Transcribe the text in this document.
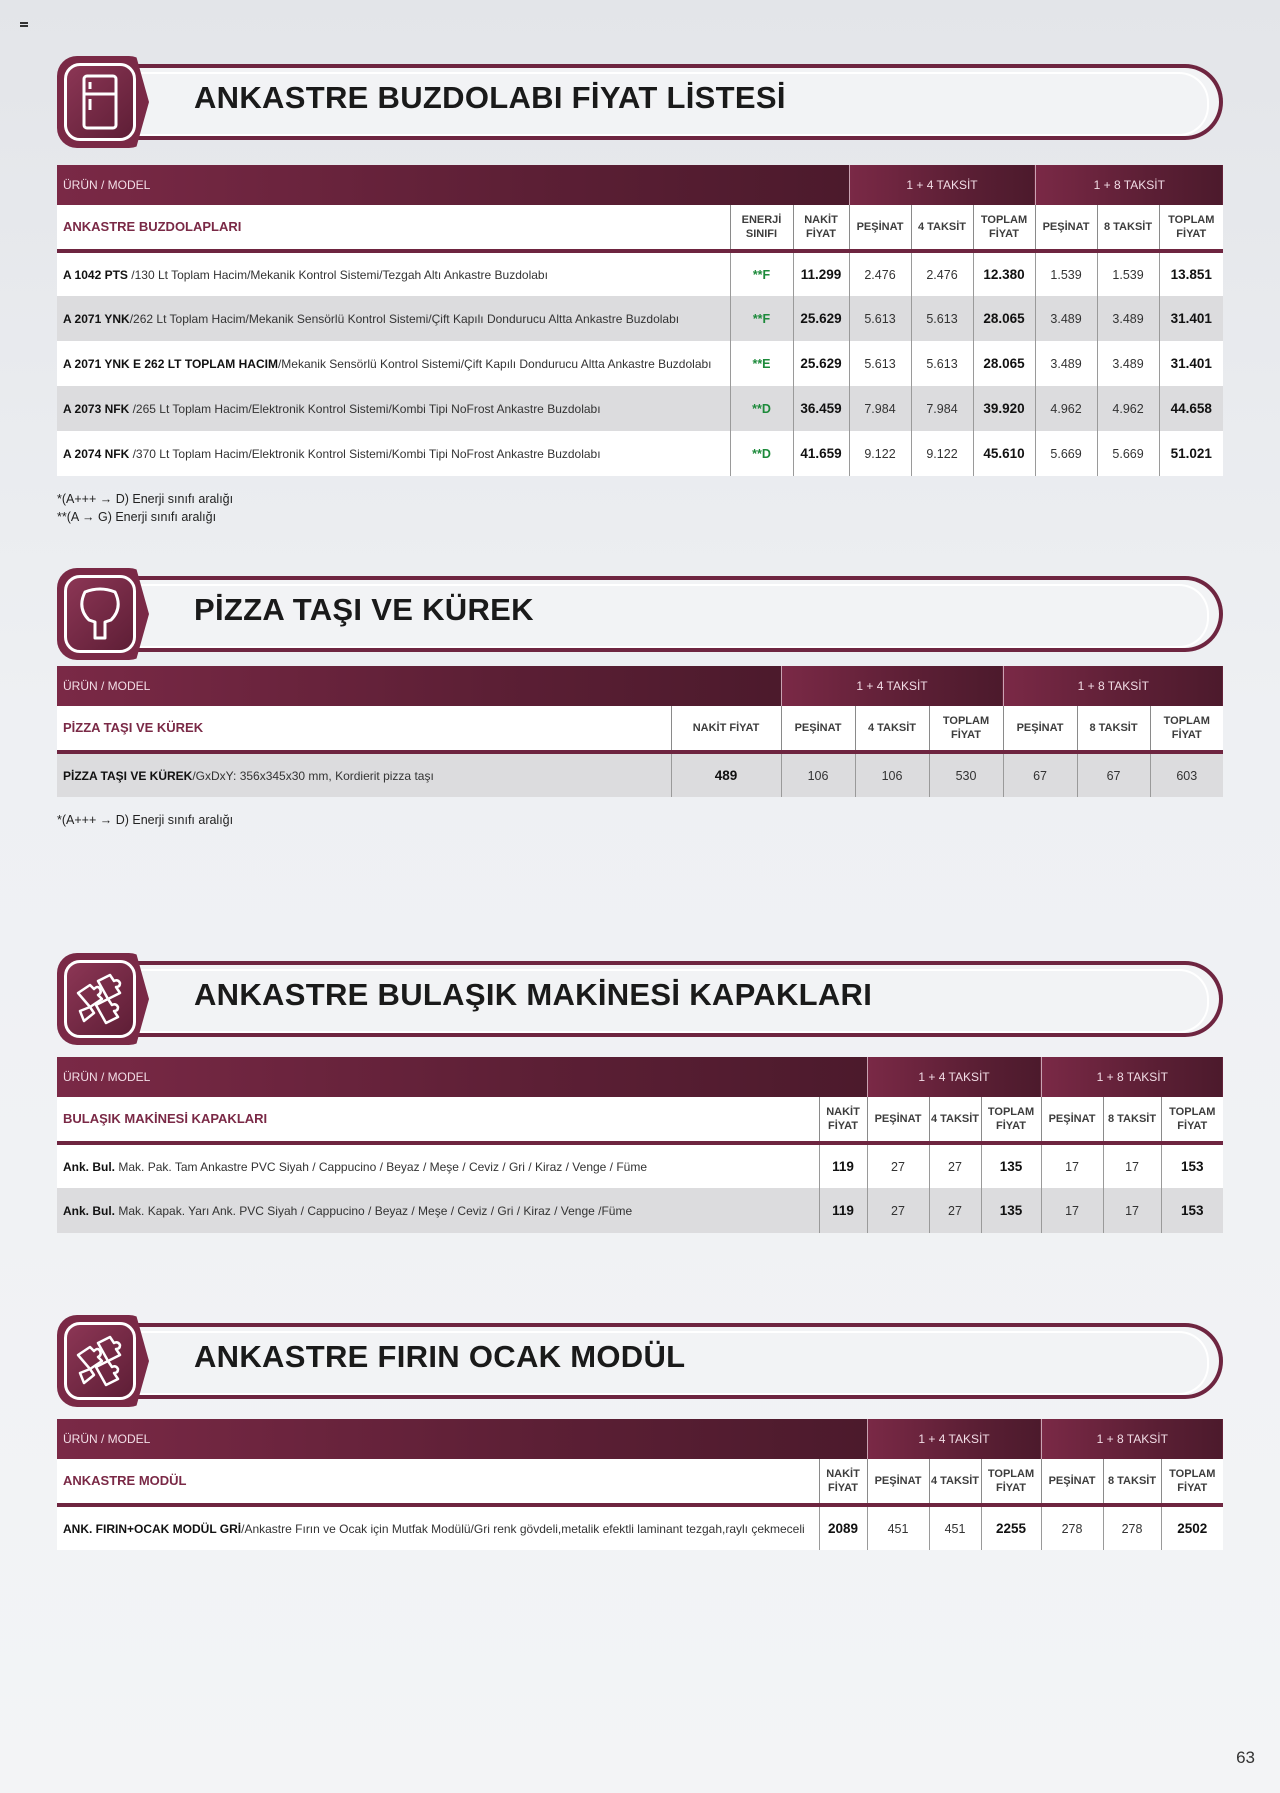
ANKASTRE BUZDOLABI FİYAT LİSTESİ
ÜRÜN / MODEL			1 + 4 TAKSİT			1 + 8 TAKSİT		
ANKASTRE BUZDOLAPLARI	ENERJİ SINIFI	NAKİT FİYAT	PEŞİNAT	4 TAKSİT	TOPLAM FİYAT	PEŞİNAT	8 TAKSİT	TOPLAM FİYAT
A 1042 PTS /130 Lt Toplam Hacim/Mekanik Kontrol Sistemi/Tezgah Altı Ankastre Buzdolabı	**F	11.299	2.476	2.476	12.380	1.539	1.539	13.851
A 2071 YNK/262 Lt Toplam Hacim/Mekanik Sensörlü Kontrol Sistemi/Çift Kapılı Dondurucu Altta Ankastre Buzdolabı	**F	25.629	5.613	5.613	28.065	3.489	3.489	31.401
A 2071 YNK E 262 LT TOPLAM HACIM/Mekanik Sensörlü Kontrol Sistemi/Çift Kapılı Dondurucu Altta Ankastre Buzdolabı	**E	25.629	5.613	5.613	28.065	3.489	3.489	31.401
A 2073 NFK /265 Lt Toplam Hacim/Elektronik Kontrol Sistemi/Kombi Tipi NoFrost Ankastre Buzdolabı	**D	36.459	7.984	7.984	39.920	4.962	4.962	44.658
A 2074 NFK /370 Lt Toplam Hacim/Elektronik Kontrol Sistemi/Kombi Tipi NoFrost Ankastre Buzdolabı	**D	41.659	9.122	9.122	45.610	5.669	5.669	51.021
*(A+++ → D) Enerji sınıfı aralığı
**(A → G) Enerji sınıfı aralığı
PİZZA TAŞI VE KÜREK
ÜRÜN / MODEL		1 + 4 TAKSİT			1 + 8 TAKSİT		
PİZZA TAŞI VE KÜREK	NAKİT FİYAT	PEŞİNAT	4 TAKSİT	TOPLAM FİYAT	PEŞİNAT	8 TAKSİT	TOPLAM FİYAT
PİZZA TAŞI VE KÜREK/GxDxY: 356x345x30 mm, Kordierit pizza taşı	489	106	106	530	67	67	603
*(A+++ → D) Enerji sınıfı aralığı
ANKASTRE BULAŞIK MAKİNESİ KAPAKLARI
ÜRÜN / MODEL		1 + 4 TAKSİT			1 + 8 TAKSİT		
BULAŞIK MAKİNESİ KAPAKLARI	NAKİT FİYAT	PEŞİNAT	4 TAKSİT	TOPLAM FİYAT	PEŞİNAT	8 TAKSİT	TOPLAM FİYAT
Ank. Bul. Mak. Pak. Tam Ankastre PVC Siyah / Cappucino / Beyaz / Meşe / Ceviz / Gri / Kiraz / Venge / Füme	119	27	27	135	17	17	153
Ank. Bul. Mak. Kapak. Yarı Ank. PVC Siyah / Cappucino / Beyaz / Meşe / Ceviz / Gri / Kiraz / Venge /Füme	119	27	27	135	17	17	153
ANKASTRE FIRIN OCAK MODÜL
ÜRÜN / MODEL		1 + 4 TAKSİT			1 + 8 TAKSİT		
ANKASTRE MODÜL	NAKİT FİYAT	PEŞİNAT	4 TAKSİT	TOPLAM FİYAT	PEŞİNAT	8 TAKSİT	TOPLAM FİYAT
ANK. FIRIN+OCAK MODÜL GRİ/Ankastre Fırın ve Ocak için Mutfak Modülü/Gri renk gövdeli,metalik efektli laminant tezgah,raylı çekmeceli	2089	451	451	2255	278	278	2502
63
